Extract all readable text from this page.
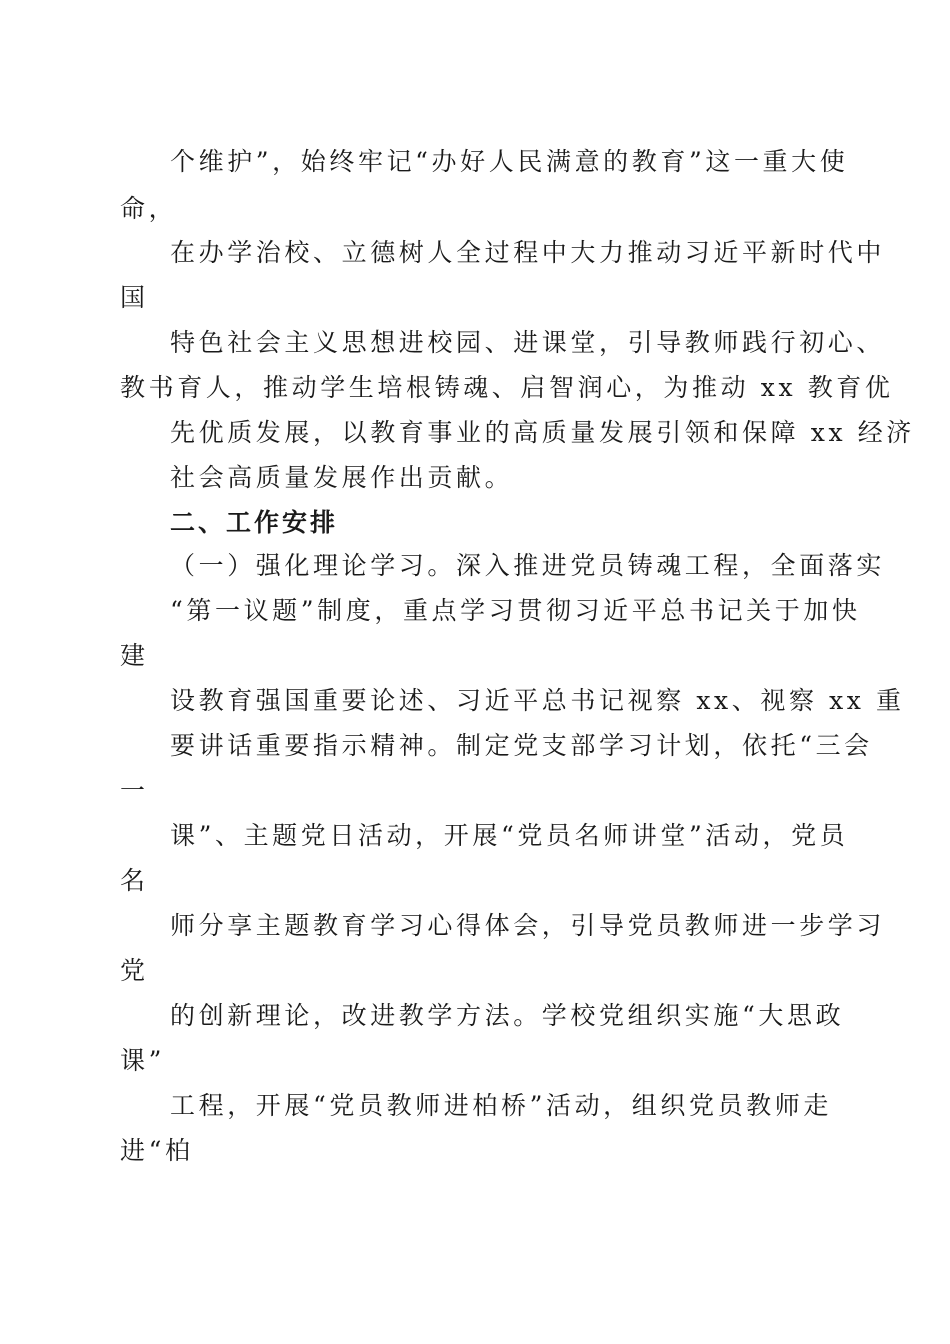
个维护”，始终牢记“办好人民满意的教育”这一重大使
命，
在办学治校、立德树人全过程中大力推动习近平新时代中
国
特色社会主义思想进校园、进课堂，引导教师践行初心、
教书育人，推动学生培根铸魂、启智润心，为推动 xx 教育优
先优质发展，以教育事业的高质量发展引领和保障 xx 经济
社会高质量发展作出贡献。
二、工作安排
（一）强化理论学习。深入推进党员铸魂工程，全面落实
“第一议题”制度，重点学习贯彻习近平总书记关于加快
建
设教育强国重要论述、习近平总书记视察 xx、视察 xx 重
要讲话重要指示精神。制定党支部学习计划，依托“三会
一
课”、主题党日活动，开展“党员名师讲堂”活动，党员
名
师分享主题教育学习心得体会，引导党员教师进一步学习
党
的创新理论，改进教学方法。学校党组织实施“大思政
课”
工程，开展“党员教师进柏桥”活动，组织党员教师走
进“柏
